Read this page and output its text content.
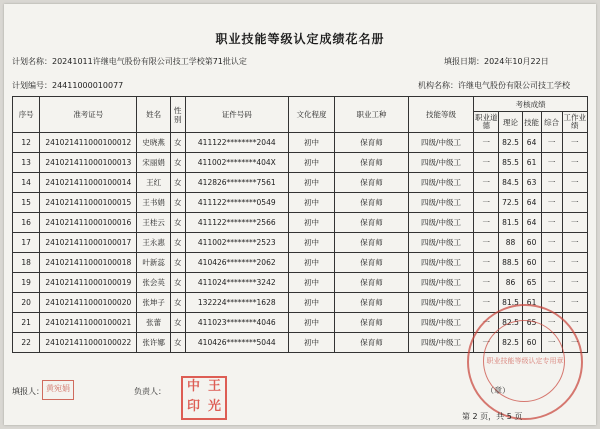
职业技能等级认定成绩花名册
计划名称：20241011许继电气股份有限公司技工学校第71批认定	填报日期：2024年10月22日
计划编号：24411000010077	机构名称：许继电气股份有限公司技工学校
序号	准考证号	姓名	性别	证件号码	文化程度	职业工种	技能等级	考核成绩				
								职业道德	理论	技能	综合	工作业绩
12	241021411000100012	史晓燕	女	411122********2044	初中	保育师	四级/中级工	一	82.5	64	一	一
13	241021411000100013	宋丽娟	女	411002********404X	初中	保育师	四级/中级工	一	85.5	61	一	一
14	241021411000100014	王红	女	412826********7561	初中	保育师	四级/中级工	一	84.5	63	一	一
15	241021411000100015	王书娟	女	411122********0549	初中	保育师	四级/中级工	一	72.5	64	一	一
16	241021411000100016	王桂云	女	411122********2566	初中	保育师	四级/中级工	一	81.5	64	一	一
17	241021411000100017	王永惠	女	411002********2523	初中	保育师	四级/中级工	一	88	60	一	一
18	241021411000100018	叶新蕊	女	410426********2062	初中	保育师	四级/中级工	一	88.5	60	一	一
19	241021411000100019	张会英	女	411024********3242	初中	保育师	四级/中级工	一	86	65	一	一
20	241021411000100020	张坤子	女	132224********1628	初中	保育师	四级/中级工	一	81.5	61	一	一
21	241021411000100021	张蕾	女	411023********4046	初中	保育师	四级/中级工	一	82.5	65	一	一
22	241021411000100022	张许娜	女	410426********5044	初中	保育师	四级/中级工	一	82.5	60	一	一
填报人： 黄宛娟	负责人：	中 王
印 光
职业技能等级认定专用章
（章）
第 2 页，共 5 页
